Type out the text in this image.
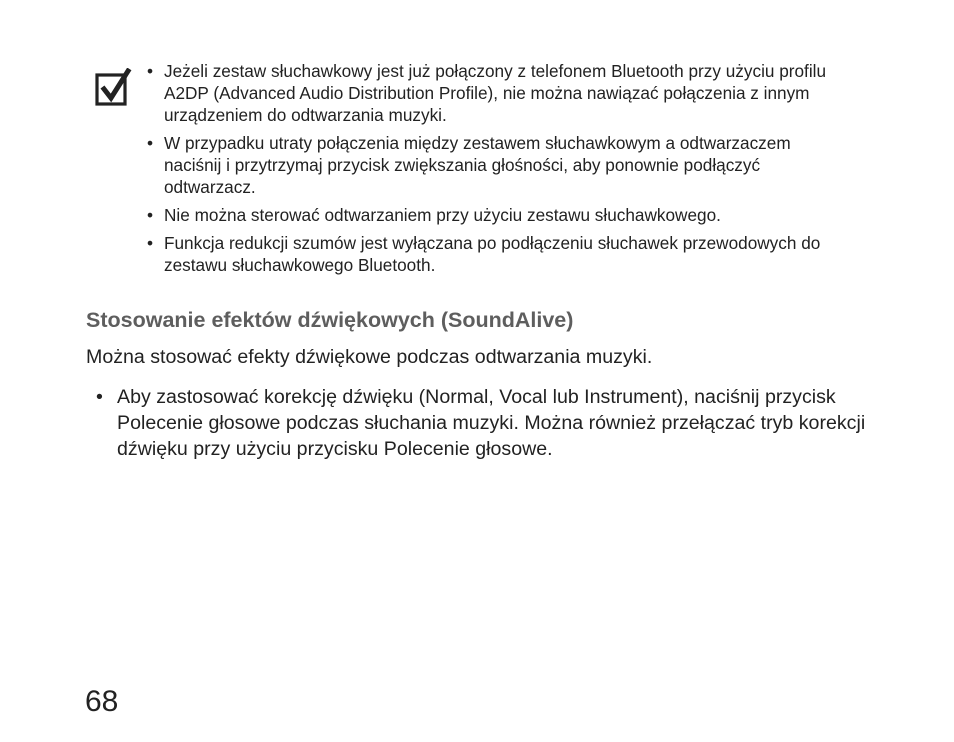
• Jeżeli zestaw słuchawkowy jest już połączony z telefonem Bluetooth przy użyciu profilu A2DP (Advanced Audio Distribution Profile), nie można nawiązać połączenia z innym urządzeniem do odtwarzania muzyki.
• W przypadku utraty połączenia między zestawem słuchawkowym a odtwarzaczem naciśnij i przytrzymaj przycisk zwiększania głośności, aby ponownie podłączyć odtwarzacz.
• Nie można sterować odtwarzaniem przy użyciu zestawu słuchawkowego.
• Funkcja redukcji szumów jest wyłączana po podłączeniu słuchawek przewodowych do zestawu słuchawkowego Bluetooth.
Stosowanie efektów dźwiękowych (SoundAlive)

Można stosować efekty dźwiękowe podczas odtwarzania muzyki.

• Aby zastosować korekcję dźwięku (Normal, Vocal lub Instrument), naciśnij przycisk Polecenie głosowe podczas słuchania muzyki. Można również przełączać tryb korekcji dźwięku przy użyciu przycisku Polecenie głosowe.

68
